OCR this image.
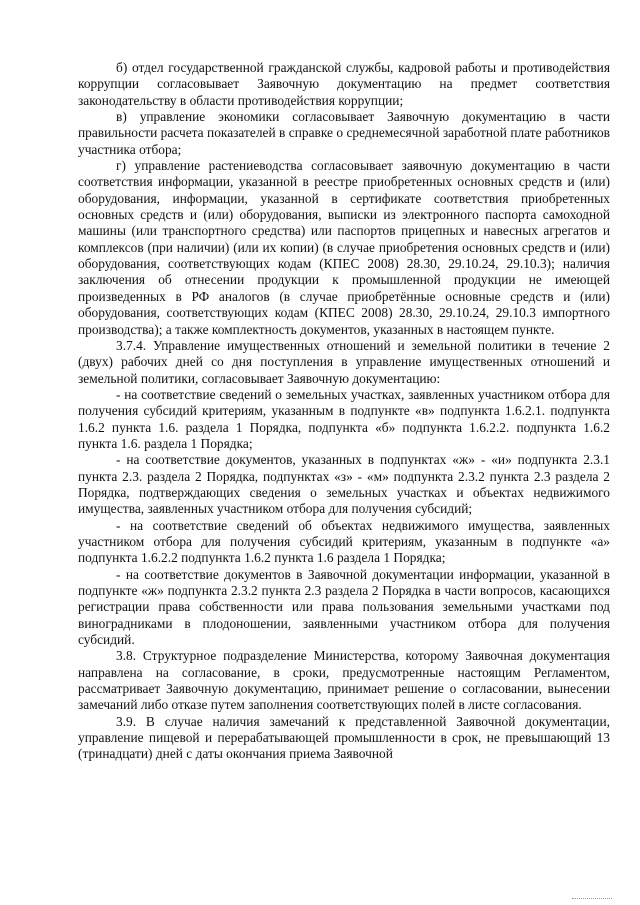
б) отдел государственной гражданской службы, кадровой работы и противодействия коррупции согласовывает Заявочную документацию на предмет соответствия законодательству в области противодействия коррупции;

в) управление экономики согласовывает Заявочную документацию в части правильности расчета показателей в справке о среднемесячной заработной плате работников участника отбора;

г) управление растениеводства согласовывает заявочную документацию в части соответствия информации, указанной в реестре приобретенных основных средств и (или) оборудования, информации, указанной в сертификате соответствия приобретенных основных средств и (или) оборудования, выписки из электронного паспорта самоходной машины (или транспортного средства) или паспортов прицепных и навесных агрегатов и комплексов (при наличии) (или их копии) (в случае приобретения основных средств и (или) оборудования, соответствующих кодам (КПЕС 2008) 28.30, 29.10.24, 29.10.3); наличия заключения об отнесении продукции к промышленной продукции не имеющей произведенных в РФ аналогов (в случае приобретённые основные средств и (или) оборудования, соответствующих кодам (КПЕС 2008) 28.30, 29.10.24, 29.10.3 импортного производства); а также комплектность документов, указанных в настоящем пункте.

3.7.4. Управление имущественных отношений и земельной политики в течение 2 (двух) рабочих дней со дня поступления в управление имущественных отношений и земельной политики, согласовывает Заявочную документацию:

- на соответствие сведений о земельных участках, заявленных участником отбора для получения субсидий критериям, указанным в подпункте «в» подпункта 1.6.2.1. подпункта 1.6.2 пункта 1.6. раздела 1 Порядка, подпункта «б» подпункта 1.6.2.2. подпункта 1.6.2 пункта 1.6. раздела 1 Порядка;

- на соответствие документов, указанных в подпунктах «ж» - «и» подпункта 2.3.1 пункта 2.3. раздела 2 Порядка, подпунктах «з» - «м» подпункта 2.3.2 пункта 2.3 раздела 2 Порядка, подтверждающих сведения о земельных участках и объектах недвижимого имущества, заявленных участником отбора для получения субсидий;

- на соответствие сведений об объектах недвижимого имущества, заявленных участником отбора для получения субсидий критериям, указанным в подпункте «а» подпункта 1.6.2.2 подпункта 1.6.2 пункта 1.6 раздела 1 Порядка;

- на соответствие документов в Заявочной документации информации, указанной в подпункте «ж» подпункта 2.3.2 пункта 2.3 раздела 2 Порядка в части вопросов, касающихся регистрации права собственности или права пользования земельными участками под виноградниками в плодоношении, заявленными участником отбора для получения субсидий.

3.8. Структурное подразделение Министерства, которому Заявочная документация направлена на согласование, в сроки, предусмотренные настоящим Регламентом, рассматривает Заявочную документацию, принимает решение о согласовании, вынесении замечаний либо отказе путем заполнения соответствующих полей в листе согласования.

3.9. В случае наличия замечаний к представленной Заявочной документации, управление пищевой и перерабатывающей промышленности в срок, не превышающий 13 (тринадцати) дней с даты окончания приема Заявочной
